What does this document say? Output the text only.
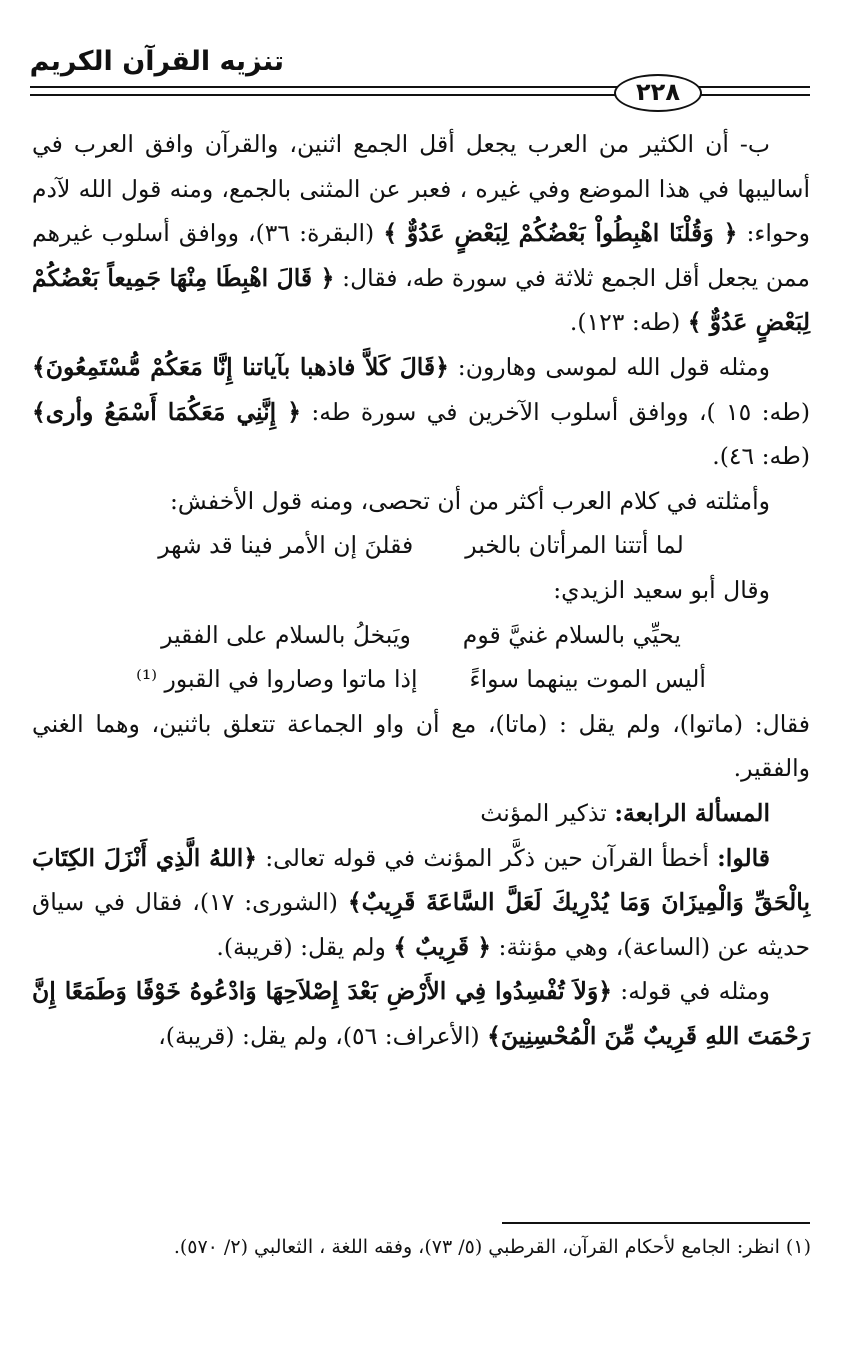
تنزيه القرآن الكريم
٢٢٨

ب- أن الكثير من العرب يجعل أقل الجمع اثنين، والقرآن وافق العرب في أساليبها في هذا الموضع وفي غيره ، فعبر عن المثنى بالجمع، ومنه قول الله لآدم وحواء: ﴿ وَقُلْنَا اهْبِطُواْ بَعْضُكُمْ لِبَعْضٍ عَدُوٌّ ﴾ (البقرة: ٣٦)، ووافق أسلوب غيرهم ممن يجعل أقل الجمع ثلاثة في سورة طه، فقال: ﴿ قَالَ اهْبِطَا مِنْهَا جَمِيعاً بَعْضُكُمْ لِبَعْضٍ عَدُوٌّ ﴾ (طه: ١٢٣).

ومثله قول الله لموسى وهارون: ﴿قَالَ كَلاَّ فاذهبا بآياتنا إِنَّا مَعَكُمْ مُّسْتَمِعُونَ﴾ (طه: ١٥ )، ووافق أسلوب الآخرين في سورة طه: ﴿ إِنَّنِي مَعَكُمَا أَسْمَعُ وأرى﴾ (طه: ٤٦).

وأمثلته في كلام العرب أكثر من أن تحصى، ومنه قول الأخفش:

لما أتتنا المرأتان بالخبر
فقلنَ إن الأمر فينا قد شهر

وقال أبو سعيد الزيدي:

يحيِّي بالسلام غنيَّ قوم
ويَبخلُ بالسلام على الفقير
أليس الموت بينهما سواءً
إذا ماتوا وصاروا في القبور ⁽¹⁾

فقال: (ماتوا)، ولم يقل : (ماتا)، مع أن واو الجماعة تتعلق باثنين، وهما الغني والفقير.

المسألة الرابعة: تذكير المؤنث

قالوا: أخطأ القرآن حين ذكَّر المؤنث في قوله تعالى: ﴿اللهُ الَّذِي أَنْزَلَ الكِتَابَ بِالْحَقِّ وَالْمِيزَانَ وَمَا يُدْرِيكَ لَعَلَّ السَّاعَةَ قَرِيبٌ﴾ (الشورى: ١٧)، فقال في سياق حديثه عن (الساعة)، وهي مؤنثة: ﴿ قَرِيبٌ ﴾ ولم يقل: (قريبة).

ومثله في قوله: ﴿وَلاَ تُفْسِدُوا فِي الأَرْضِ بَعْدَ إِصْلاَحِهَا وَادْعُوهُ خَوْفًا وَطَمَعًا إِنَّ رَحْمَتَ اللهِ قَرِيبٌ مِّنَ الْمُحْسِنِينَ﴾ (الأعراف: ٥٦)، ولم يقل: (قريبة)،

(١) انظر: الجامع لأحكام القرآن، القرطبي (٥/ ٧٣)، وفقه اللغة ، الثعالبي (٢/ ٥٧٠).
